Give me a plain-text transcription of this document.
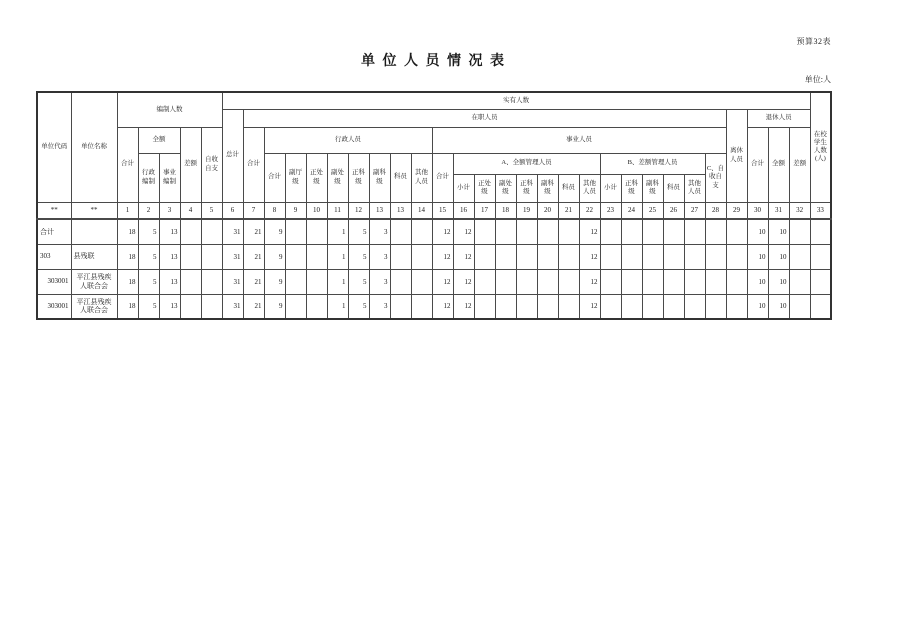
预算32表
单 位 人 员 情 况 表
单位:人
单位代码	单位名称	编制人数					实有人数																												在校学生人数(人)
							总计	在职人员																							离休人员	退休人员			
		合计	全额		差额	自收自支		合计	行政人员								事业人员															合计	全额	差额	
			行政编制	事业编制					合计	副厅级	正处级	副处级	正科级	副科级	科员	其他人员	合计	A、全额管理人员							B、差额管理人员					C、自收自支					
																		小计	正处级	副处级	正科级	副科级	科员	其他人员	小计	正科级	副科级	科员	其他人员						
**	**	1	2	3	4	5	6	7	8	9	10	11	12	13	13	14	15	16	17	18	19	20	21	22	23	24	25	26	27	28	29	30	31	32	33
合计		18	5	13			31	21	9			1	5	3			12	12						12								10	10		
303	县残联	18	5	13			31	21	9			1	5	3			12	12						12								10	10		
303001	平江县残疾人联合会	18	5	13			31	21	9			1	5	3			12	12						12								10	10		
303001	平江县残疾人联合会	18	5	13			31	21	9			1	5	3			12	12						12								10	10		
